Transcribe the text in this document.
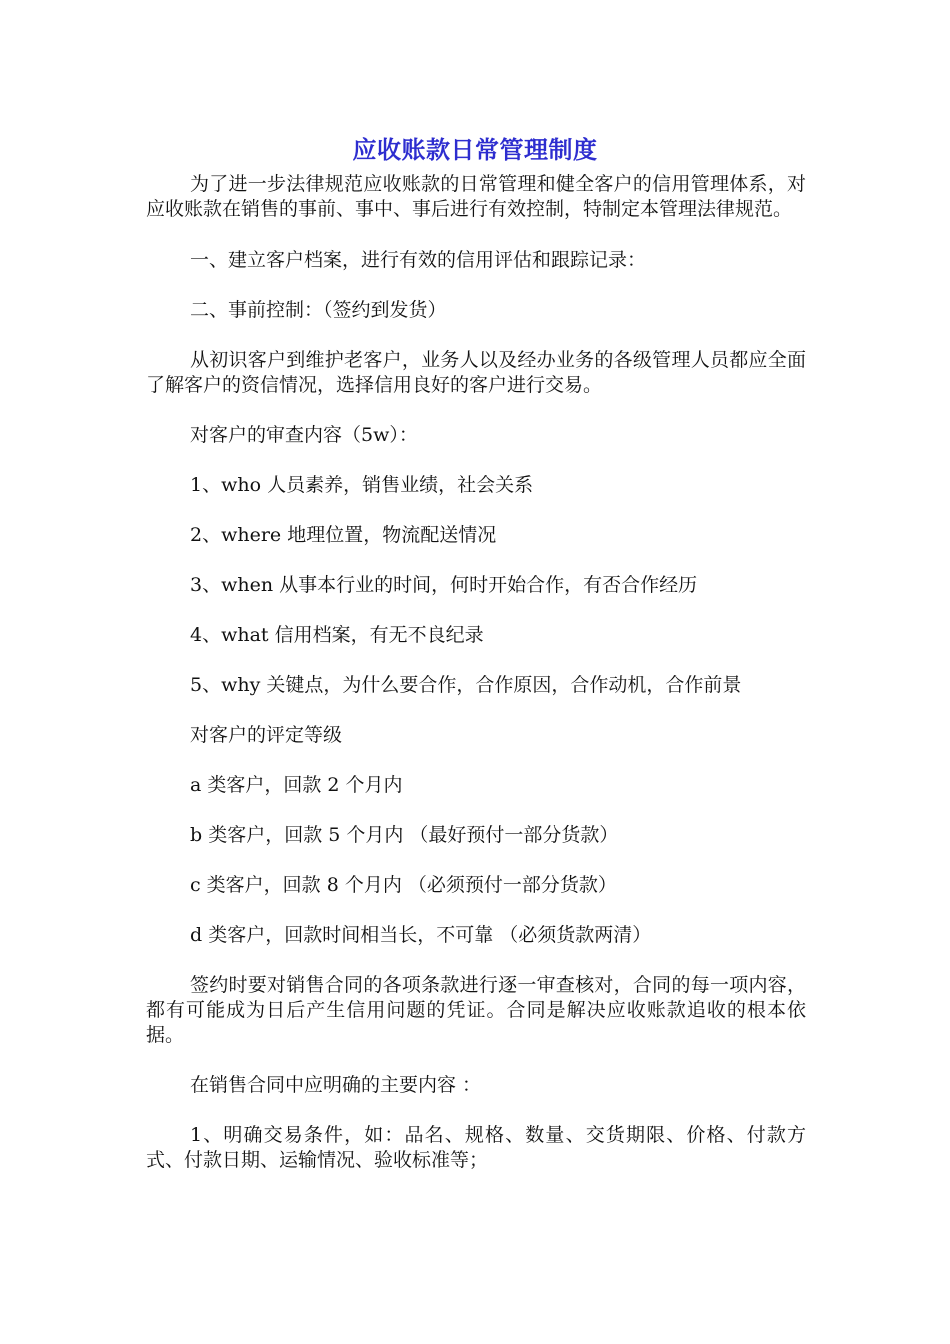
应收账款日常管理制度

为了进一步法律规范应收账款的日常管理和健全客户的信用管理体系，对应收账款在销售的事前、事中、事后进行有效控制，特制定本管理法律规范。

一、建立客户档案，进行有效的信用评估和跟踪记录：

二、事前控制：（签约到发货）

从初识客户到维护老客户，业务人以及经办业务的各级管理人员都应全面了解客户的资信情况，选择信用良好的客户进行交易。

对客户的审查内容（5w）：

1、who 人员素养，销售业绩，社会关系

2、where 地理位置，物流配送情况

3、when 从事本行业的时间，何时开始合作，有否合作经历

4、what 信用档案，有无不良纪录

5、why 关键点，为什么要合作，合作原因，合作动机，合作前景

对客户的评定等级

a 类客户，回款 2 个月内

b 类客户，回款 5 个月内 （最好预付一部分货款）

c 类客户，回款 8 个月内 （必须预付一部分货款）

d 类客户，回款时间相当长，不可靠 （必须货款两清）

签约时要对销售合同的各项条款进行逐一审查核对，合同的每一项内容，都有可能成为日后产生信用问题的凭证。合同是解决应收账款追收的根本依据。

在销售合同中应明确的主要内容 ：

1、明确交易条件，如：品名、规格、数量、交货期限、价格、付款方式、付款日期、运输情况、验收标准等；
